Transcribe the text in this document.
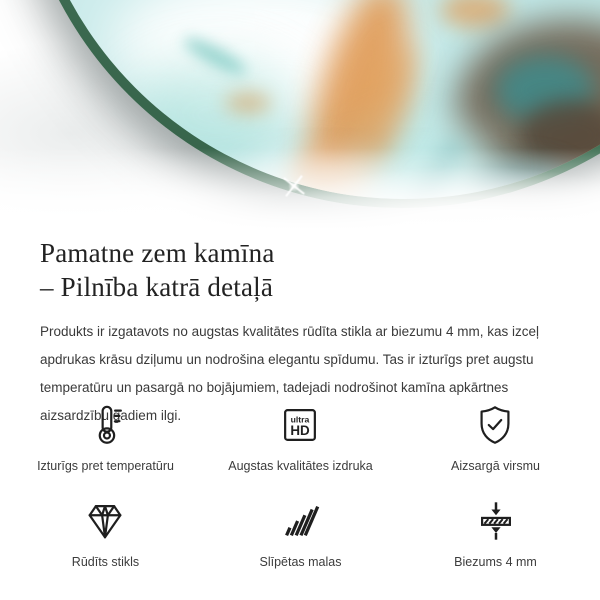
Pamatne zem kamīna
– Pilnība katrā detaļā

Produkts ir izgatavots no augstas kvalitātes rūdīta stikla ar biezumu 4 mm, kas izceļ apdrukas krāsu dziļumu un nodrošina elegantu spīdumu. Tas ir izturīgs pret augstu temperatūru un pasargā no bojājumiem, tadejadi nodrošinot kamīna apkārtnes aizsardzību gadiem ilgi.

Izturīgs pret temperatūru
ultra
HD
Augstas kvalitātes izdruka	Aizsargā virsmu
Rūdīts stikls	Slīpētas malas	Biezums 4 mm
